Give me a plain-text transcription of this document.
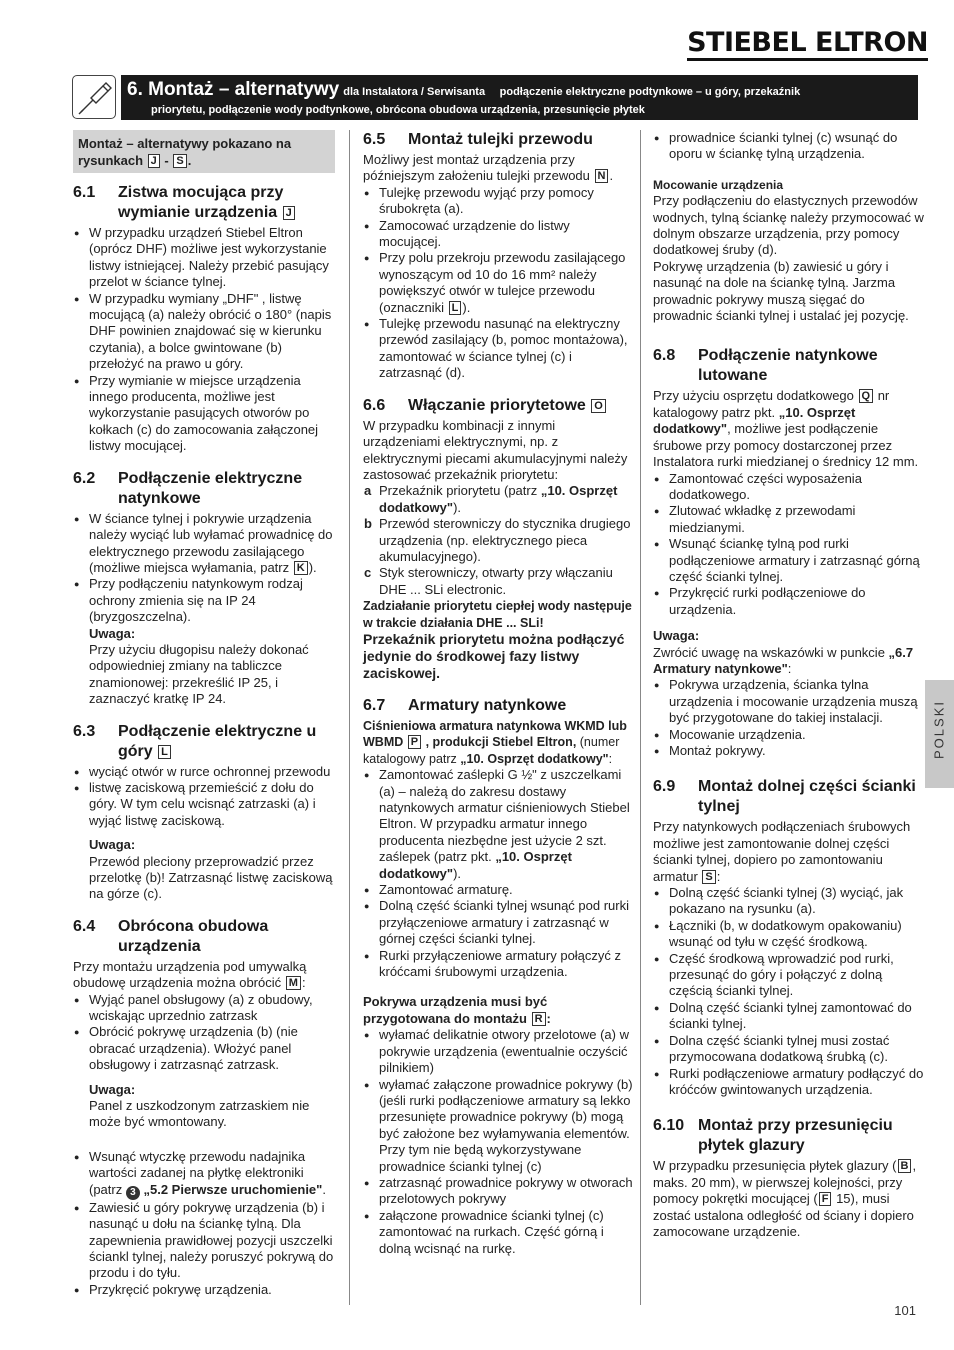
STIEBEL ELTRON
6. Montaż – alternatywy dla Instalatora / Serwisanta podłączenie elektryczne podtynkowe – u góry, przekaźnik
priorytetu, podłączenie wody podtynkowe, obrócona obudowa urządzenia, przesunięcie płytek
Montaż – alternatywy pokazano na rysunkach J - S .
6.1	Zistwa mocująca przy wymianie urządzenia J
● W przypadku urządzeń Stiebel Eltron (oprócz DHF) możliwe jest wykorzystanie listwy istniejącej. Należy przebić pasujący przelot w ściance tylnej.
● W przypadku wymiany „DHF" , listwę mocującą (a) należy obrócić o 180° (napis DHF powinien znajdować się w kierunku czytania), a bolce gwintowane (b) przełożyć na prawo u góry.
● Przy wymianie w miejsce urządzenia innego producenta, możliwe jest wykorzystanie pasujących otworów po kołkach (c) do zamocowania załączonej listwy mocującej.
6.2	Podłączenie elektryczne natynkowe
● W ściance tylnej i pokrywie urządzenia należy wyciąć lub wyłamać prowadnicę do elektrycznego przewodu zasilającego (możliwe miejsca wyłamania, patrz K ).
● Przy podłączeniu natynkowym rodzaj ochrony zmienia się na IP 24 (bryzgoszczelna).
Uwaga:
Przy użyciu długopisu należy dokonać odpowiedniej zmiany na tabliczce znamionowej: przekreślić IP 25, i zaznaczyć kratkę IP 24.
6.3	Podłączenie elektryczne u góry L
● wyciąć otwór w rurce ochronnej przewodu
● listwę zaciskową przemieścić z dołu do góry. W tym celu wcisnąć zatrzaski (a) i wyjąć listwę zaciskową.
Uwaga:
Przewód pleciony przeprowadzić przez przelotkę (b)! Zatrzasnąć listwę zaciskową na górze (c).
6.4	Obrócona obudowa urządzenia

Przy montażu urządzenia pod umywalką obudowę urządzenia można obrócić M :

● Wyjąć panel obsługowy (a) z obudowy, wciskając uprzednio zatrzask
● Obrócić pokrywę urządzenia (b) (nie obracać urządzenia). Włożyć panel obsługowy i zatrzasnąć zatrzask.
Uwaga:
Panel z uszkodzonym zatrzaskiem nie może być wmontowany.
● Wsunąć wtyczkę przewodu nadajnika wartości zadanej na płytkę elektroniki (patrz 3 „5.2 Pierwsze uruchomienie".
● Zawiesić u góry pokrywę urządzenia (b) i nasunąć u dołu na ściankę tylną. Dla zapewnienia prawidłowej pozycji uszczelki ściankl tylnej, należy poruszyć pokrywą do przodu i do tyłu.
● Przykręcić pokrywę urządzenia.
6.5	Montaż tulejki przewodu

Możliwy jest montaż urządzenia przy późniejszym założeniu tulejki przewodu N .

● Tulejkę przewodu wyjąć przy pomocy śrubokręta (a).
● Zamocować urządzenie do listwy mocującej.
● Przy polu przekroju przewodu zasilającego wynoszącym od 10 do 16 mm² należy powiększyć otwór w tulejce przewodu (oznaczniki L ).
● Tulejkę przewodu nasunąć na elektryczny przewód zasilający (b, pomoc montażowa), zamontować w ściance tylnej (c) i zatrzasnąć (d).
6.6	Włączanie priorytetowe O

W przypadku kombinacji z innymi urządzeniami elektrycznymi, np. z elektrycznymi piecami akumulacyjnymi należy zastosować przekaźnik priorytetu:

a Przekaźnik priorytetu (patrz „10. Osprzęt dodatkowy").
b Przewód sterowniczy do stycznika drugiego urządzenia (np. elektrycznego pieca akumulacyjnego).
c Styk sterowniczy, otwarty przy włączaniu DHE ... SLi electronic.

Zadziałanie priorytetu ciepłej wody następuje w trakcie działania DHE ... SLi!

Przekaźnik priorytetu można podłączyć jedynie do środkowej fazy listwy zaciskowej.

6.7	Armatury natynkowe

Ciśnieniowa armatura natynkowa WKMD lub WBMD P , produkcji Stiebel Eltron, (numer katalogowy patrz „10. Osprzęt dodatkowy":

● Zamontować zaślepki G ½" z uszczelkami (a) – należą do zakresu dostawy natynkowych armatur ciśnieniowych Stiebel Eltron. W przypadku armatur innego producenta niezbędne jest użycie 2 szt. zaślepek (patrz pkt. „10. Osprzęt dodatkowy").
● Zamontować armaturę.
● Dolną część ścianki tylnej wsunąć pod rurki przyłączeniowe armatury i zatrzasnąć w górnej części ścianki tylnej.
● Rurki przyłączeniowe armatury połączyć z króćcami śrubowymi urządzenia.

Pokrywa urządzenia musi być przygotowana do montażu R :

● wyłamać delikatnie otwory przelotowe (a) w pokrywie urządzenia (ewentualnie oczyścić pilnikiem)
● wyłamać załączone prowadnice pokrywy (b) (jeśli rurki podłączeniowe armatury są lekko przesunięte prowadnice pokrywy (b) mogą być założone bez wyłamywania elementów. Przy tym nie będą wykorzystywane prowadnice ścianki tylnej (c)
● zatrzasnąć prowadnice pokrywy w otworach przelotowych pokrywy
● załączone prowadnice ścianki tylnej (c) zamontować na rurkach. Część górną i dolną wcisnąć na rurkę.
● prowadnice ścianki tylnej (c) wsunąć do oporu w ściankę tylną urządzenia.

Mocowanie urządzenia

Przy podłączeniu do elastycznych przewodów wodnych, tylną ściankę należy przymocować w dolnym obszarze urządzenia, przy pomocy dodatkowej śruby (d).

Pokrywę urządzenia (b) zawiesić u góry i nasunąć na dole na ściankę tylną. Jarzma prowadnic pokrywy muszą sięgać do prowadnic ścianki tylnej i ustalać jej pozycję.

6.8	Podłączenie natynkowe lutowane

Przy użyciu osprzętu dodatkowego Q nr katalogowy patrz pkt. „10. Osprzęt dodatkowy", możliwe jest podłączenie śrubowe przy pomocy dostarczonej przez Instalatora rurki miedzianej o średnicy 12 mm.

● Zamontować części wyposażenia dodatkowego.
● Zlutować wkładkę z przewodami miedzianymi.
● Wsunąć ściankę tylną pod rurki podłączeniowe armatury i zatrzasnąć górną część ścianki tylnej.
● Przykręcić rurki podłączeniowe do urządzenia.

Uwaga:

Zwrócić uwagę na wskazówki w punkcie „6.7 Armatury natynkowe":

● Pokrywa urządzenia, ścianka tylna urządzenia i mocowanie urządzenia muszą być przygotowane do takiej instalacji.
● Mocowanie urządzenia.
● Montaż pokrywy.
6.9	Montaż dolnej części ścianki tylnej

Przy natynkowych podłączeniach śrubowych możliwe jest zamontowanie dolnej części ścianki tylnej, dopiero po zamontowaniu armatur S :

● Dolną część ścianki tylnej (3) wyciąć, jak pokazano na rysunku (a).
● Łączniki (b, w dodatkowym opakowaniu) wsunąć od tyłu w część środkową.
● Część środkową wprowadzić pod rurki, przesunąć do góry i połączyć z dolną częścią ścianki tylnej.
● Dolną część ścianki tylnej zamontować do ścianki tylnej.
● Dolna część ścianki tylnej musi zostać przymocowana dodatkową śrubką (c).
● Rurki podłączeniowe armatury podłączyć do króćców gwintowanych urządzenia.
6.10 Montaż przy przesunięciu płytek glazury

W przypadku przesunięcia płytek glazury ( B , maks. 20 mm), w pierwszej kolejności, przy pomocy pokrętki mocującej ( F 15), musi zostać ustalona odległość od ściany i dopiero zamocowane urządzenie.

POLSKI
101
